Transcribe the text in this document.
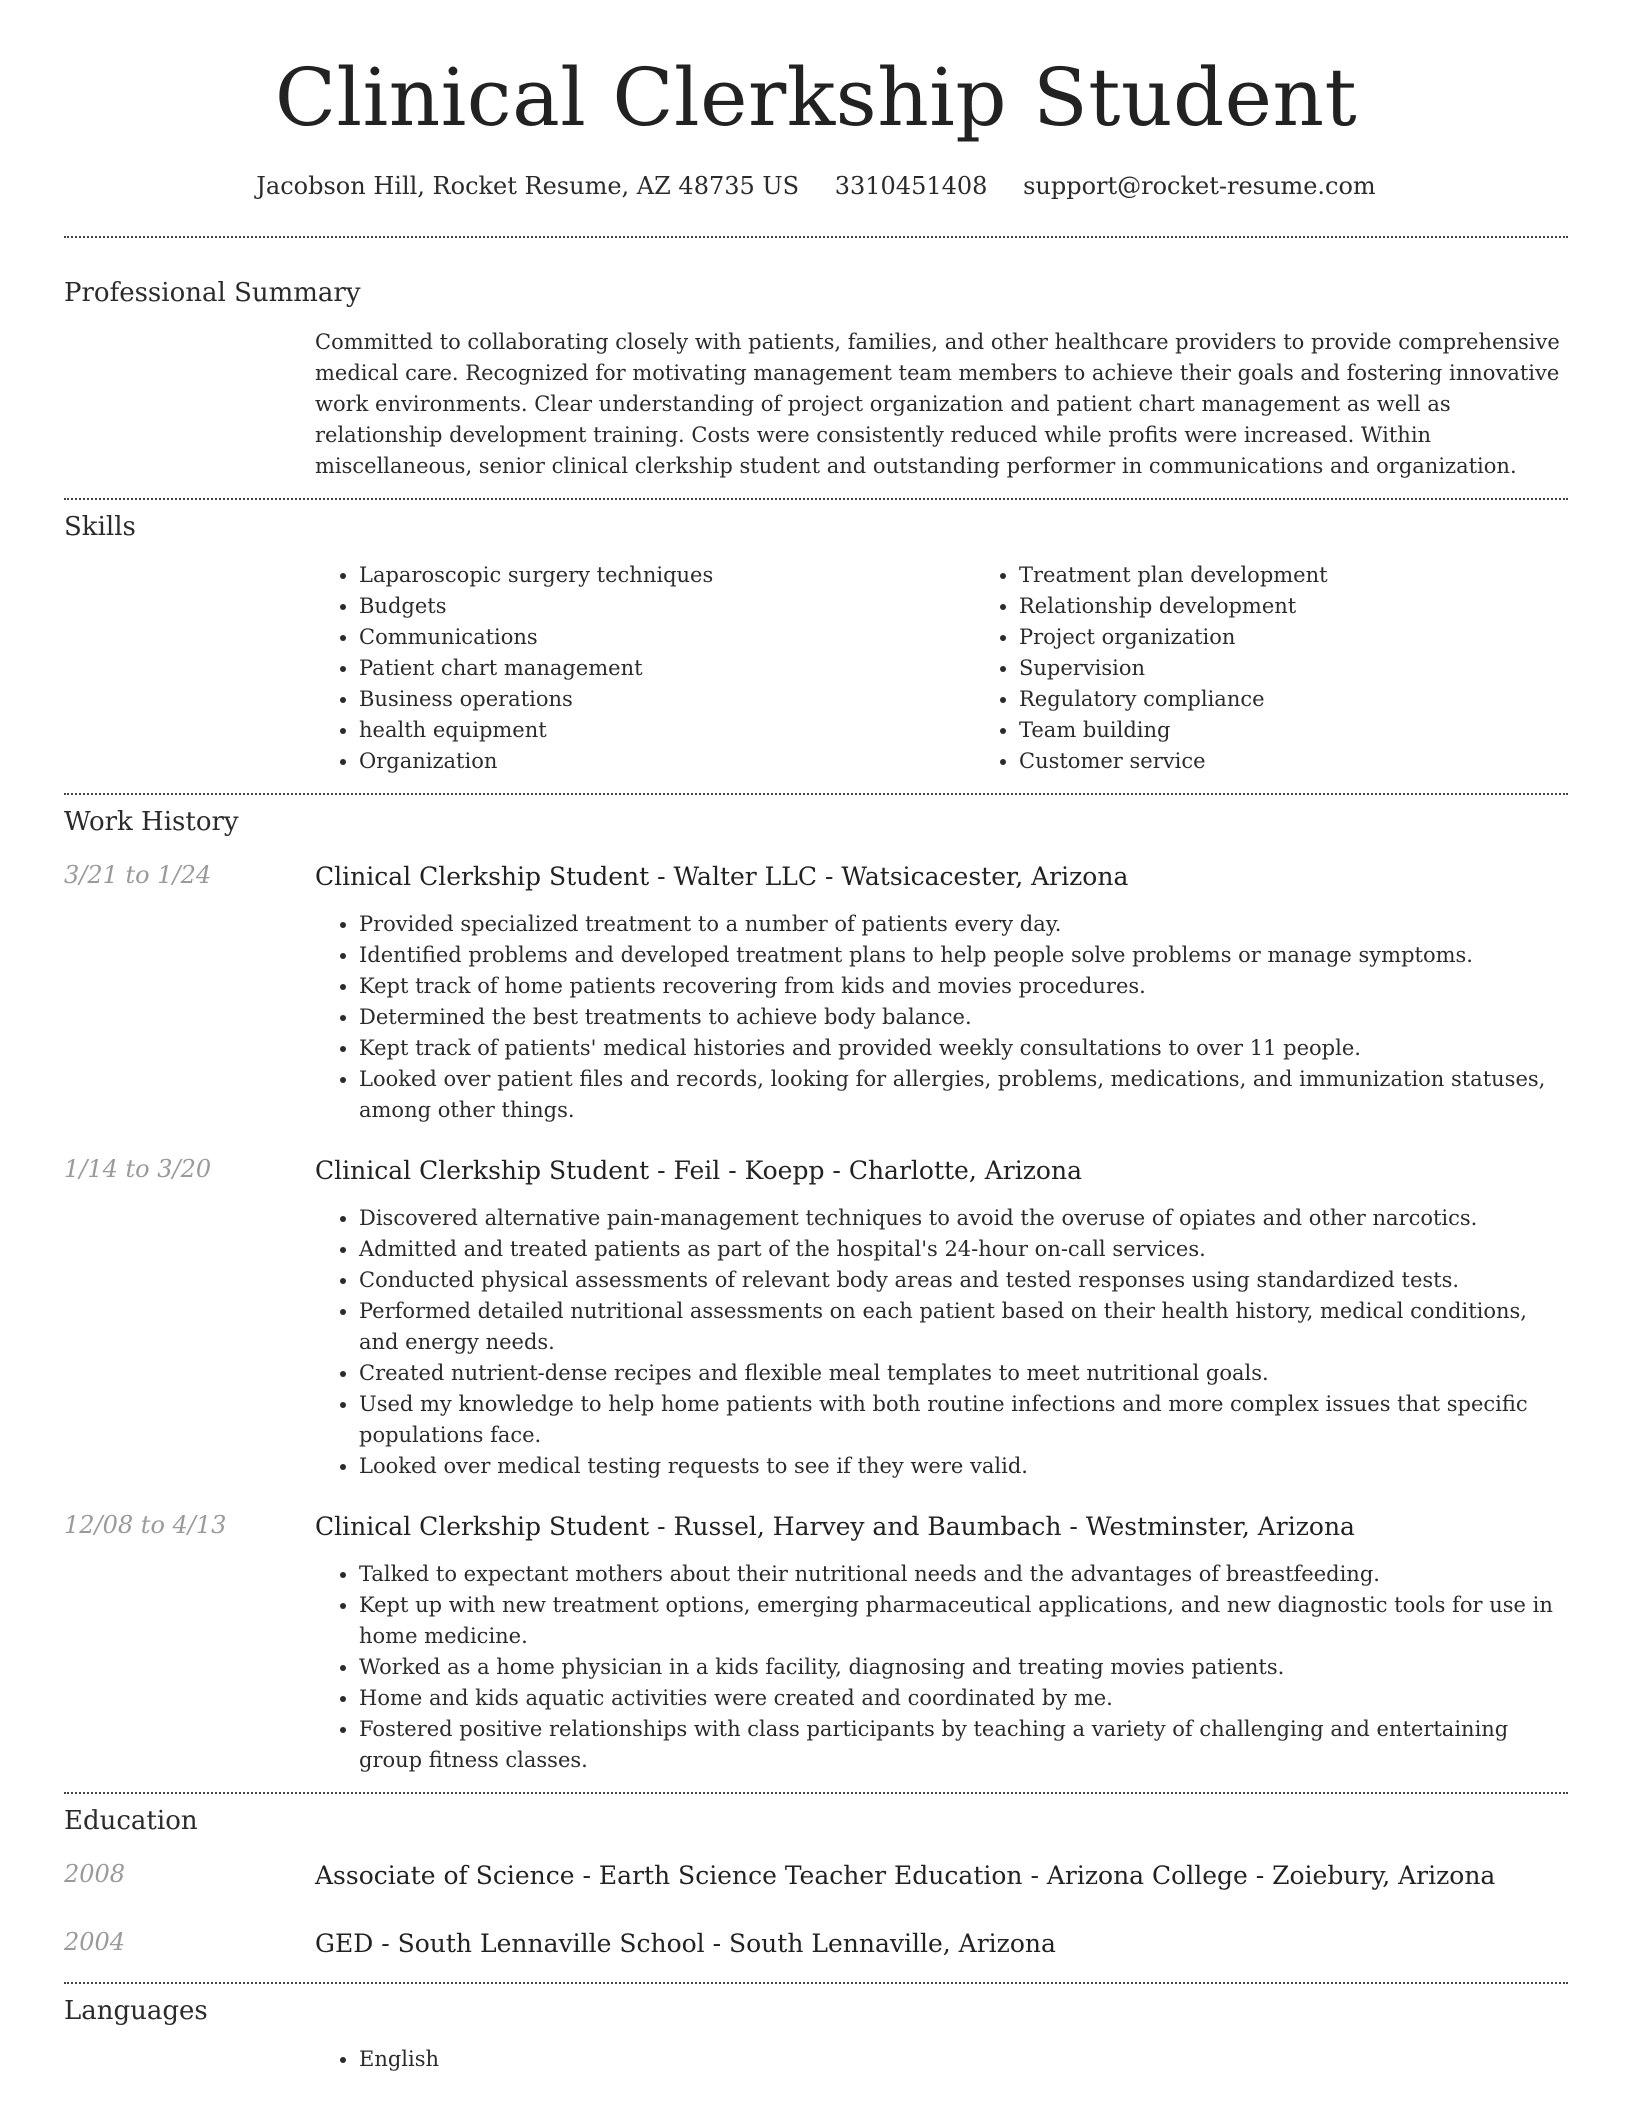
Clinical Clerkship Student
Jacobson Hill, Rocket Resume, AZ 48735 US 3310451408 support@rocket-resume.com
Professional Summary
Committed to collaborating closely with patients, families, and other healthcare providers to provide comprehensive medical care. Recognized for motivating management team members to achieve their goals and fostering innovative work environments. Clear understanding of project organization and patient chart management as well as relationship development training. Costs were consistently reduced while profits were increased. Within miscellaneous, senior clinical clerkship student and outstanding performer in communications and organization.
Skills
• Laparoscopic surgery techniques
• Budgets
• Communications
• Patient chart management
• Business operations
• health equipment
• Organization
• Treatment plan development
• Relationship development
• Project organization
• Supervision
• Regulatory compliance
• Team building
• Customer service
Work History
3/21 to 1/24	Clinical Clerkship Student - Walter LLC - Watsicacester, Arizona
• Provided specialized treatment to a number of patients every day.
• Identified problems and developed treatment plans to help people solve problems or manage symptoms.
• Kept track of home patients recovering from kids and movies procedures.
• Determined the best treatments to achieve body balance.
• Kept track of patients' medical histories and provided weekly consultations to over 11 people.
• Looked over patient files and records, looking for allergies, problems, medications, and immunization statuses, among other things.
1/14 to 3/20	Clinical Clerkship Student - Feil - Koepp - Charlotte, Arizona
• Discovered alternative pain-management techniques to avoid the overuse of opiates and other narcotics.
• Admitted and treated patients as part of the hospital's 24-hour on-call services.
• Conducted physical assessments of relevant body areas and tested responses using standardized tests.
• Performed detailed nutritional assessments on each patient based on their health history, medical conditions, and energy needs.
• Created nutrient-dense recipes and flexible meal templates to meet nutritional goals.
• Used my knowledge to help home patients with both routine infections and more complex issues that specific populations face.
• Looked over medical testing requests to see if they were valid.
12/08 to 4/13	Clinical Clerkship Student - Russel, Harvey and Baumbach - Westminster, Arizona
• Talked to expectant mothers about their nutritional needs and the advantages of breastfeeding.
• Kept up with new treatment options, emerging pharmaceutical applications, and new diagnostic tools for use in home medicine.
• Worked as a home physician in a kids facility, diagnosing and treating movies patients.
• Home and kids aquatic activities were created and coordinated by me.
• Fostered positive relationships with class participants by teaching a variety of challenging and entertaining group fitness classes.
Education
2008	Associate of Science - Earth Science Teacher Education - Arizona College - Zoiebury, Arizona
2004	GED - South Lennaville School - South Lennaville, Arizona
Languages
• English
